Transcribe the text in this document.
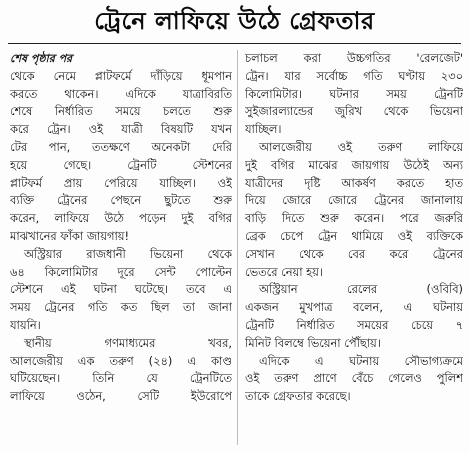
ট্রেনে লাফিয়ে উঠে গ্রেফতার
শেষ পৃষ্ঠার পর
থেকে নেমে প্লাটফর্মে দাঁড়িয়ে ধূমপান
করতে থাকেন। এদিকে যাত্রাবিরতি
শেষে নির্ধারিত সময়ে চলতে শুরু
করে ট্রেন। ওই যাত্রী বিষয়টি যখন
টের পান, ততক্ষণে অনেকটা দেরি
হয়ে গেছে। ট্রেনটি স্টেশনের
প্লাটফর্ম প্রায় পেরিয়ে যাচ্ছিল। ওই
ব্যক্তি ট্রেনের পেছনে ছুটতে শুরু
করেন, লাফিয়ে উঠে পড়েন দুই বগির
মাঝখানের ফাঁকা জায়গায়!
অস্ট্রিয়ার রাজধানী ভিয়েনা থেকে
৬৪ কিলোমিটার দূরে সেন্ট পোল্টেন
স্টেশনে এই ঘটনা ঘটেছে। তবে এ
সময় ট্রেনের গতি কত ছিল তা জানা
যায়নি।
স্থানীয় গণমাধ্যমের খবর,
আলজেরীয় এক তরুণ (২৪) এ কাণ্ড
ঘটিয়েছেন। তিনি যে ট্রেনটিতে
লাফিয়ে ওঠেন, সেটি ইউরোপে
চলাচল করা উচ্চগতির 'রেলজেট'
ট্রেন। যার সর্বোচ্চ গতি ঘণ্টায় ২৩০
কিলোমিটার। ঘটনার সময় ট্রেনটি
সুইজারল্যান্ডের জুরিখ থেকে ভিয়েনা
যাচ্ছিল।
আলজেরীয় ওই তরুণ লাফিয়ে
দুই বগির মাঝের জায়গায় উঠেই অন্য
যাত্রীদের দৃষ্টি আকর্ষণ করতে হাত
দিয়ে জোরে জোরে ট্রেনের জানালায়
বাড়ি দিতে শুরু করেন। পরে জরুরি
ব্রেক চেপে ট্রেন থামিয়ে ওই ব্যক্তিকে
সেখান থেকে বের করে ট্রেনের
ভেতরে নেয়া হয়।
অস্ট্রিয়ান রেলের (ওবিবি)
একজন মুখপাত্র বলেন, এ ঘটনায়
ট্রেনটি নির্ধারিত সময়ের চেয়ে ৭
মিনিট বিলম্বে ভিয়েনা পৌঁছায়।
এদিকে এ ঘটনায় সৌভাগ্যক্রমে
ওই তরুণ প্রাণে বেঁচে গেলেও পুলিশ
তাকে গ্রেফতার করেছে।
